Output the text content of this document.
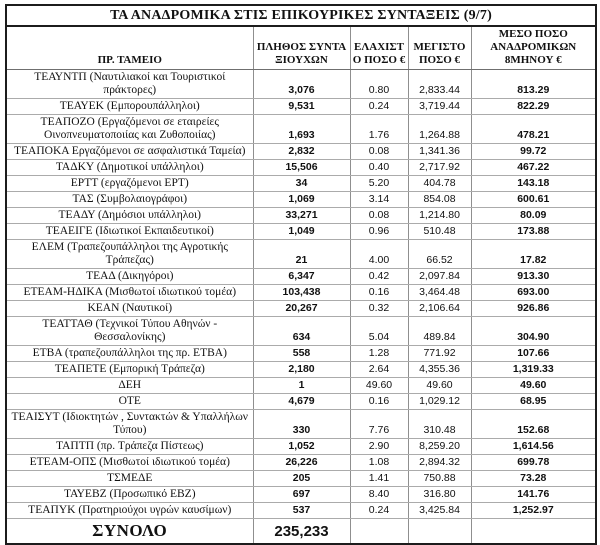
ΤΑ ΑΝΑΔΡΟΜΙΚΑ ΣΤΙΣ ΕΠΙΚΟΥΡΙΚΕΣ ΣΥΝΤΑΞΕΙΣ (9/7)				
ΠΡ. ΤΑΜΕΙΟ	ΠΛΗΘΟΣ ΣΥΝΤΑΞΙΟΥΧΩΝ	ΕΛΑΧΙΣΤΟ ΠΟΣΟ €	ΜΕΓΙΣΤΟ ΠΟΣΟ €	ΜΕΣΟ ΠΟΣΟ ΑΝΑΔΡΟΜΙΚΩΝ 8ΜΗΝΟΥ €
ΤΕΑΥΝΤΠ (Ναυτιλιακοί και Τουριστικοί πράκτορες)	3,076	0.80	2,833.44	813.29
ΤΕΑΥΕΚ (Εμπορουπάλληλοι)	9,531	0.24	3,719.44	822.29
ΤΕΑΠΟΖΟ (Εργαζόμενοι σε εταιρείες Οινοπνευματοποιίας και Ζυθοποιίας)	1,693	1.76	1,264.88	478.21
ΤΕΑΠΟΚΑ Εργαζόμενοι σε ασφαλιστικά Ταμεία)	2,832	0.08	1,341.36	99.72
ΤΑΔΚΥ (Δημοτικοί υπάλληλοι)	15,506	0.40	2,717.92	467.22
ΕΡΤΤ (εργαζόμενοι ΕΡΤ)	34	5.20	404.78	143.18
ΤΑΣ (Συμβολαιογράφοι)	1,069	3.14	854.08	600.61
ΤΕΑΔΥ (Δημόσιοι υπάλληλοι)	33,271	0.08	1,214.80	80.09
ΤΕΑΕΙΓΕ (Ιδιωτικοί Εκπαιδευτικοί)	1,049	0.96	510.48	173.88
ΕΛΕΜ (Τραπεζουπάλληλοι της Αγροτικής Τράπεζας)	21	4.00	66.52	17.82
ΤΕΑΔ (Δικηγόροι)	6,347	0.42	2,097.84	913.30
ΕΤΕΑΜ-ΗΔΙΚΑ (Μισθωτοί ιδιωτικού τομέα)	103,438	0.16	3,464.48	693.00
ΚΕΑΝ (Ναυτικοί)	20,267	0.32	2,106.64	926.86
ΤΕΑΤΤΑΘ (Τεχνικοί Τύπου Αθηνών - Θεσσαλονίκης)	634	5.04	489.84	304.90
ΕΤΒΑ (τραπεζουπάλληλοι της πρ. ΕΤΒΑ)	558	1.28	771.92	107.66
ΤΕΑΠΕΤΕ (Εμπορική Τράπεζα)	2,180	2.64	4,355.36	1,319.33
ΔΕΗ	1	49.60	49.60	49.60
ΟΤΕ	4,679	0.16	1,029.12	68.95
ΤΕΑΙΣΥΤ (Ιδιοκτητών , Συντακτών & Υπαλλήλων Τύπου)	330	7.76	310.48	152.68
ΤΑΠΤΠ (πρ. Τράπεζα Πίστεως)	1,052	2.90	8,259.20	1,614.56
ΕΤΕΑΜ-ΟΠΣ (Μισθωτοί ιδιωτικού τομέα)	26,226	1.08	2,894.32	699.78
ΤΣΜΕΔΕ	205	1.41	750.88	73.28
ΤΑΥΕΒΖ (Προσωπικό ΕΒΖ)	697	8.40	316.80	141.76
ΤΕΑΠΥΚ (Πρατηριούχοι υγρών καυσίμων)	537	0.24	3,425.84	1,252.97
ΣΥΝΟΛΟ	235,233			
